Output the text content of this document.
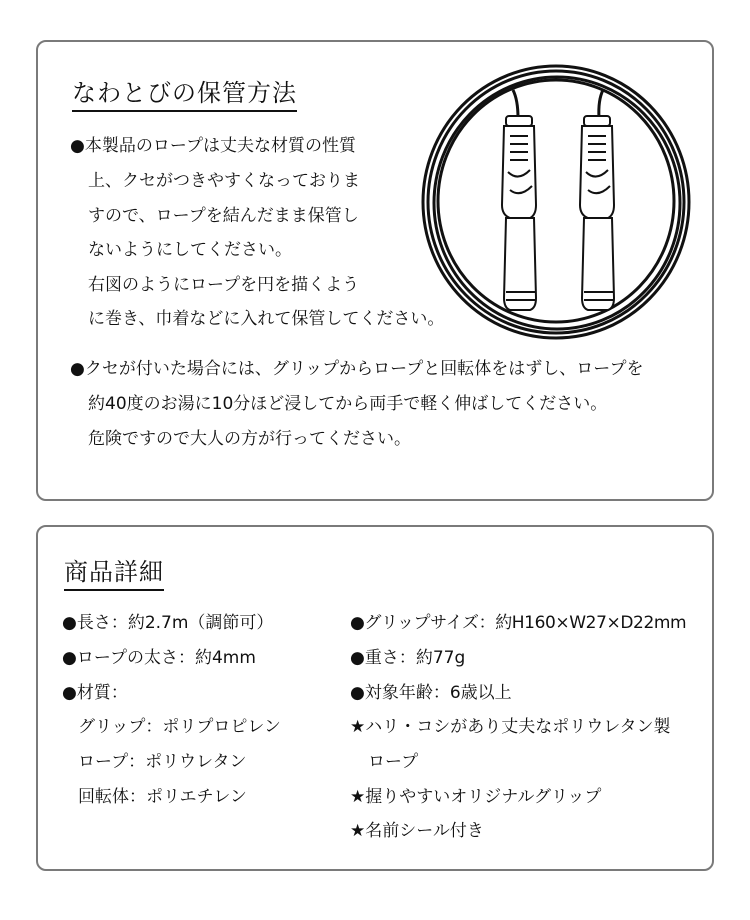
なわとびの保管方法
●本製品のロープは丈夫な材質の性質
上、クセがつきやすくなっておりま
すので、ロープを結んだまま保管し
ないようにしてください。
右図のようにロープを円を描くよう
に巻き、巾着などに入れて保管してください。
●クセが付いた場合には、グリップからロープと回転体をはずし、ロープを
約40度のお湯に10分ほど浸してから両手で軽く伸ばしてください。
危険ですので大人の方が行ってください。
商品詳細
●長さ：約2.7m（調節可）
●ロープの太さ：約4mm
●材質：
グリップ：ポリプロピレン
ロープ：ポリウレタン
回転体：ポリエチレン
●グリップサイズ：約H160×W27×D22mm
●重さ：約77g
●対象年齢：6歳以上
★ハリ・コシがあり丈夫なポリウレタン製
ロープ
★握りやすいオリジナルグリップ
★名前シール付き
